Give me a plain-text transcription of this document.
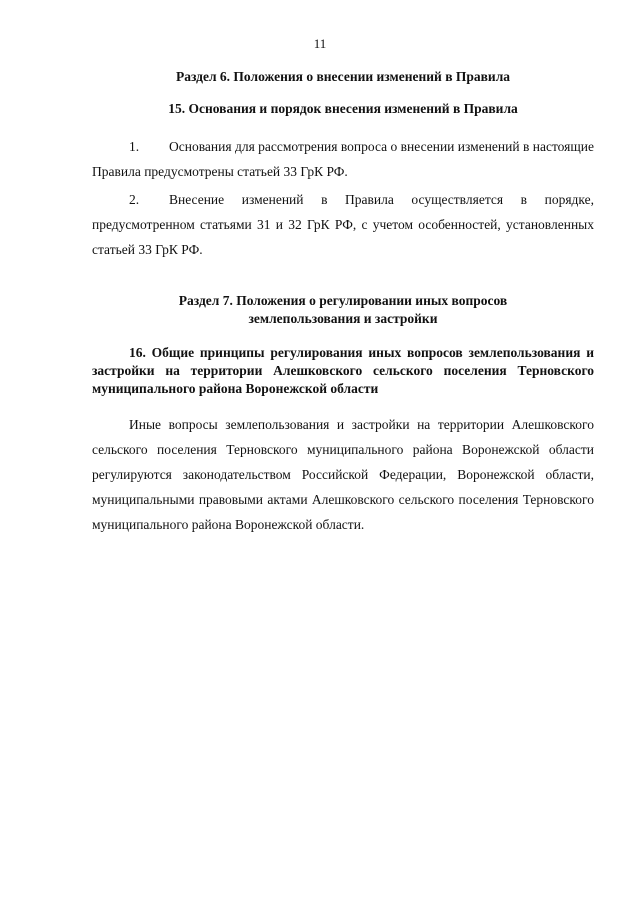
11

Раздел 6. Положения о внесении изменений в Правила

15. Основания и порядок внесения изменений в Правила

1. Основания для рассмотрения вопроса о внесении изменений в настоящие Правила предусмотрены статьей 33 ГрК РФ.

2. Внесение изменений в Правила осуществляется в порядке, предусмотренном статьями 31 и 32 ГрК РФ, с учетом особенностей, установленных статьей 33 ГрК РФ.

Раздел 7. Положения о регулировании иных вопросов

землепользования и застройки

16. Общие принципы регулирования иных вопросов землепользования и застройки на территории Алешковского сельского поселения Терновского муниципального района Воронежской области

Иные вопросы землепользования и застройки на территории Алешковского сельского поселения Терновского муниципального района Воронежской области регулируются законодательством Российской Федерации, Воронежской области, муниципальными правовыми актами Алешковского сельского поселения Терновского муниципального района Воронежской области.
